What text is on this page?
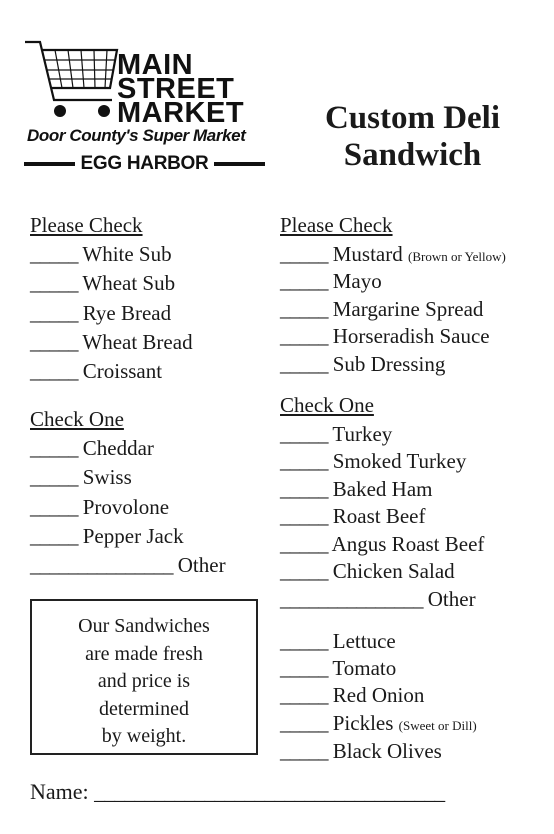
MAIN
STREET
MARKET
Door County's Super Market
EGG HARBOR
Custom Deli
Sandwich
Please Check
_____ White Sub
_____ Wheat Sub
_____ Rye Bread
_____ Wheat Bread
_____ Croissant
Check One
_____ Cheddar
_____ Swiss
_____ Provolone
_____ Pepper Jack
_______________ Other
Our Sandwiches
are made fresh
and price is
determined
by weight.
Please Check
_____ Mustard (Brown or Yellow)
_____ Mayo
_____ Margarine Spread
_____ Horseradish Sauce
_____ Sub Dressing
Check One
_____ Turkey
_____ Smoked Turkey
_____ Baked Ham
_____ Roast Beef
_____ Angus Roast Beef
_____ Chicken Salad
_______________ Other
_____ Lettuce
_____ Tomato
_____ Red Onion
_____ Pickles (Sweet or Dill)
_____ Black Olives
Name: ___________________________________
